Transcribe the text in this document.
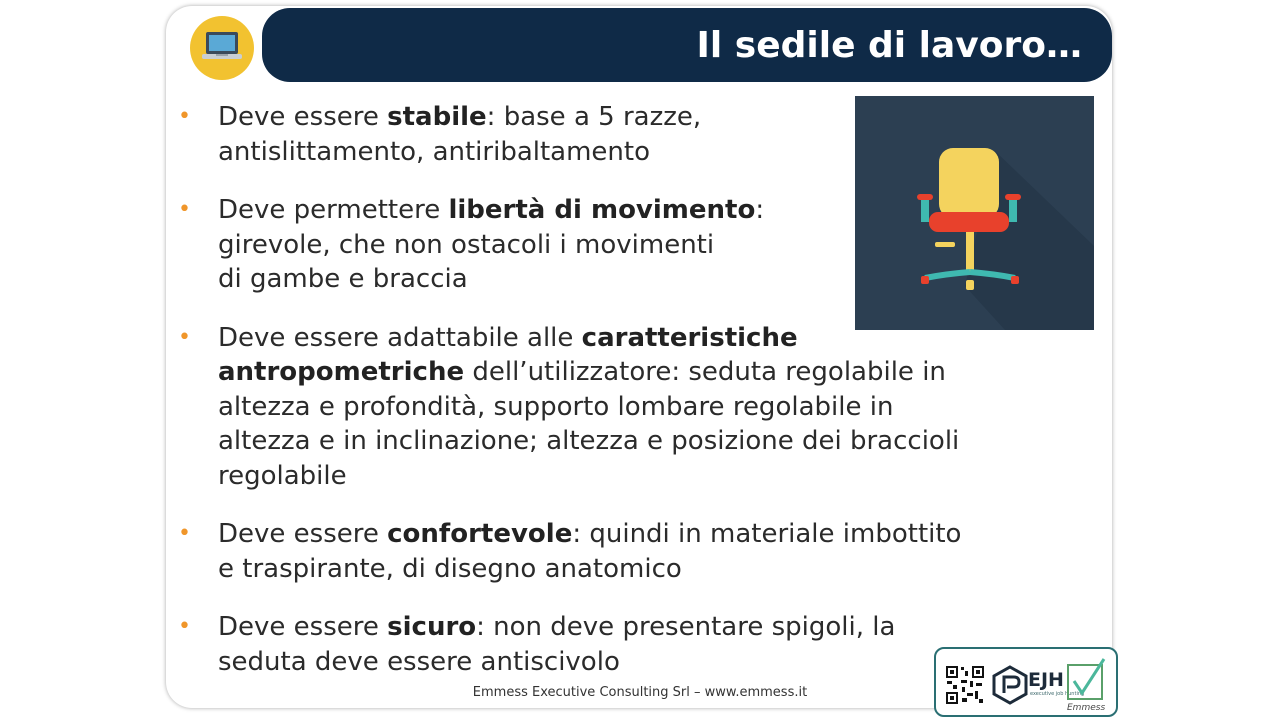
Il sedile di lavoro…
• Deve essere stabile: base a 5 razze,
antislittamento, antiribaltamento
• Deve permettere libertà di movimento:
girevole, che non ostacoli i movimenti
di gambe e braccia
• Deve essere adattabile alle caratteristiche
antropometriche dell’utilizzatore: seduta regolabile in
altezza e profondità, supporto lombare regolabile in
altezza e in inclinazione; altezza e posizione dei braccioli
regolabile
• Deve essere confortevole: quindi in materiale imbottito
e traspirante, di disegno anatomico
• Deve essere sicuro: non deve presentare spigoli, la
seduta deve essere antiscivolo
Emmess Executive Consulting Srl – www.emmess.it
EJH
executive job hunting
Emmess
